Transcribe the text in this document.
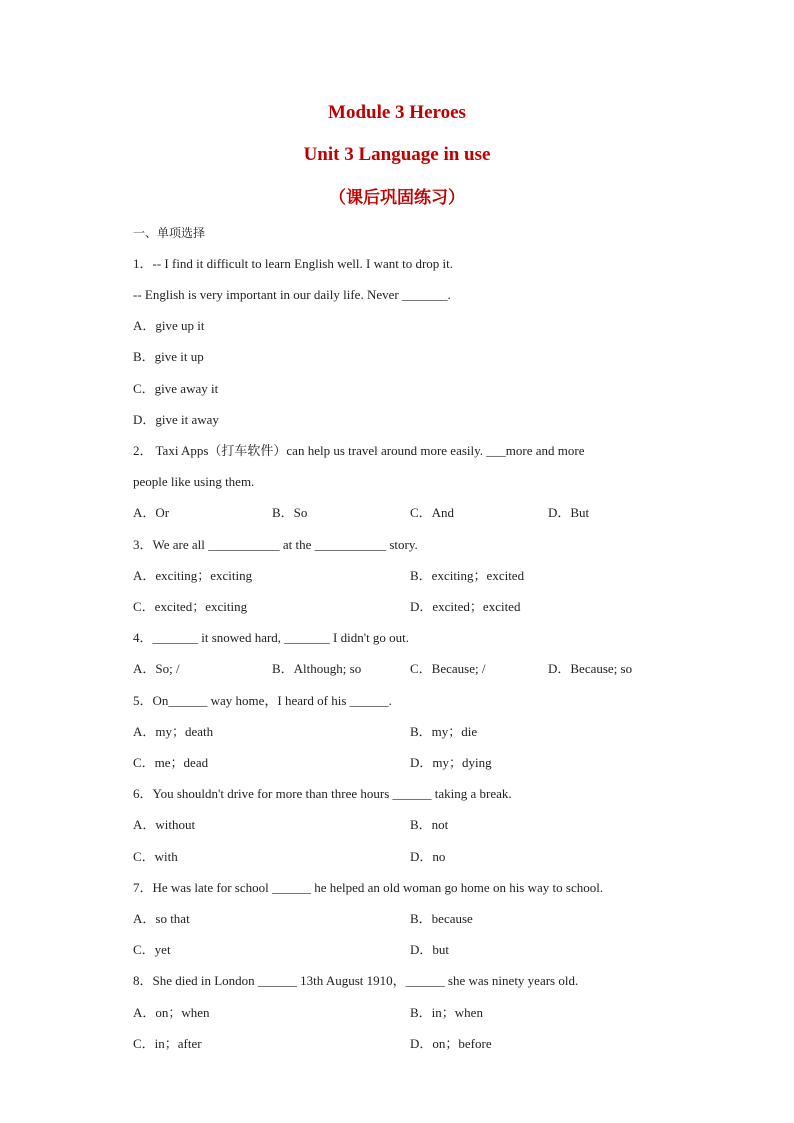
Module 3 Heroes
Unit 3 Language in use
（课后巩固练习）
一、单项选择
1．-- I find it difficult to learn English well. I want to drop it.
-- English is very important in our daily life. Never _______.
A．give up it
B．give it up
C．give away it
D．give it away
2． Taxi Apps（打车软件）can help us travel around more easily. ___more and more
people like using them.
A．Or	B．So	C．And	D．But
3．We are all ___________ at the ___________ story.
A．exciting；exciting	B．exciting；excited
C．excited；exciting	D．excited；excited
4．_______ it snowed hard, _______ I didn't go out.
A．So; /	B．Although; so	C．Because; /	D．Because; so
5．On______ way home，I heard of his ______.
A．my；death	B．my；die
C．me；dead	D．my；dying
6．You shouldn't drive for more than three hours ______ taking a break.
A．without	B．not
C．with	D．no
7．He was late for school ______ he helped an old woman go home on his way to school.
A．so that	B．because
C．yet	D．but
8．She died in London ______ 13th August 1910，______ she was ninety years old.
A．on；when	B．in；when
C．in；after	D．on；before
